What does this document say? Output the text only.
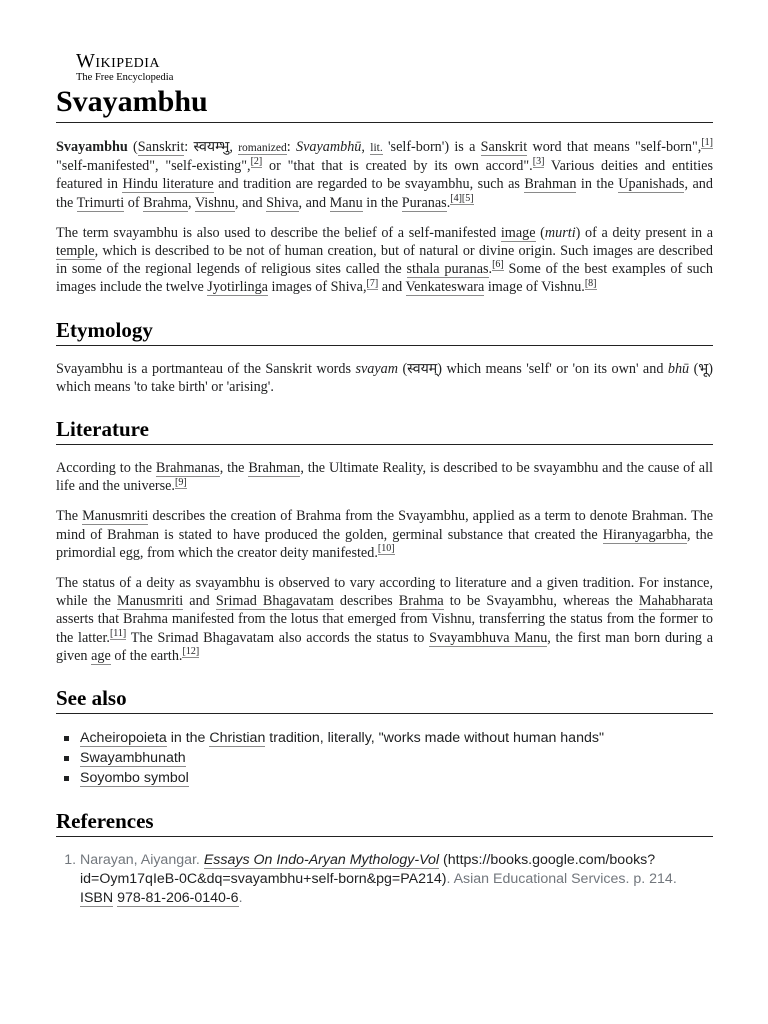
Wikipedia
The Free Encyclopedia
Svayambhu

Svayambhu (Sanskrit: स्वयम्भु, romanized: Svayambhū, lit. 'self-born') is a Sanskrit word that means "self-born",[1] "self-manifested", "self-existing",[2] or "that that is created by its own accord".[3] Various deities and entities featured in Hindu literature and tradition are regarded to be svayambhu, such as Brahman in the Upanishads, and the Trimurti of Brahma, Vishnu, and Shiva, and Manu in the Puranas.[4][5]

The term svayambhu is also used to describe the belief of a self-manifested image (murti) of a deity present in a temple, which is described to be not of human creation, but of natural or divine origin. Such images are described in some of the regional legends of religious sites called the sthala puranas.[6] Some of the best examples of such images include the twelve Jyotirlinga images of Shiva,[7] and Venkateswara image of Vishnu.[8]

Etymology

Svayambhu is a portmanteau of the Sanskrit words svayam (स्वयम्) which means 'self' or 'on its own' and bhū (भू) which means 'to take birth' or 'arising'.

Literature

According to the Brahmanas, the Brahman, the Ultimate Reality, is described to be svayambhu and the cause of all life and the universe.[9]

The Manusmriti describes the creation of Brahma from the Svayambhu, applied as a term to denote Brahman. The mind of Brahman is stated to have produced the golden, germinal substance that created the Hiranyagarbha, the primordial egg, from which the creator deity manifested.[10]

The status of a deity as svayambhu is observed to vary according to literature and a given tradition. For instance, while the Manusmriti and Srimad Bhagavatam describes Brahma to be Svayambhu, whereas the Mahabharata asserts that Brahma manifested from the lotus that emerged from Vishnu, transferring the status from the former to the latter.[11] The Srimad Bhagavatam also accords the status to Svayambhuva Manu, the first man born during a given age of the earth.[12]

See also
Acheiropoieta in the Christian tradition, literally, "works made without human hands"
Swayambhunath
Soyombo symbol
References
1. Narayan, Aiyangar. Essays On Indo-Aryan Mythology-Vol (https://books.google.com/books?id=Oym17qIeB-0C&dq=svayambhu+self-born&pg=PA214). Asian Educational Services. p. 214. ISBN 978-81-206-0140-6.
